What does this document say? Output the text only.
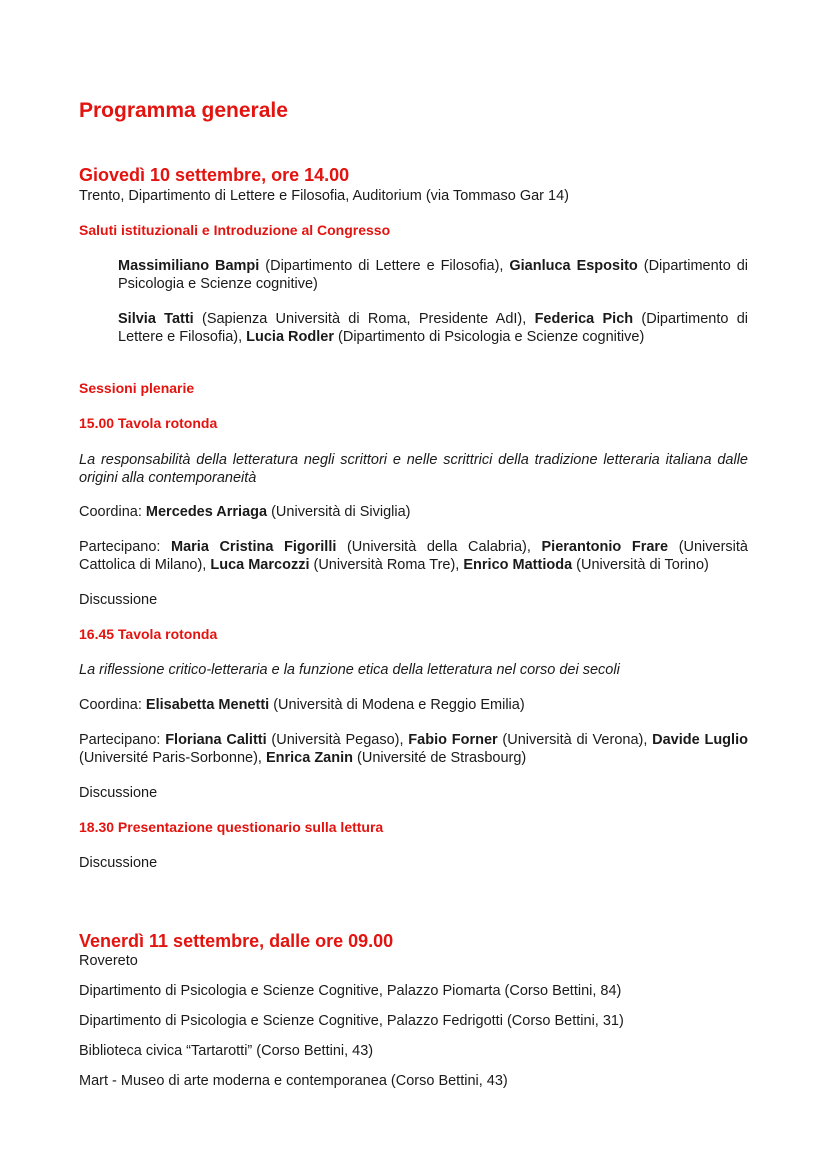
Programma generale
Giovedì 10 settembre, ore 14.00
Trento, Dipartimento di Lettere e Filosofia, Auditorium (via Tommaso Gar 14)
Saluti istituzionali e Introduzione al Congresso
Massimiliano Bampi (Dipartimento di Lettere e Filosofia), Gianluca Esposito (Dipartimento di Psicologia e Scienze cognitive)
Silvia Tatti (Sapienza Università di Roma, Presidente AdI), Federica Pich (Dipartimento di Lettere e Filosofia), Lucia Rodler (Dipartimento di Psicologia e Scienze cognitive)
Sessioni plenarie
15.00 Tavola rotonda
La responsabilità della letteratura negli scrittori e nelle scrittrici della tradizione letteraria italiana dalle origini alla contemporaneità
Coordina: Mercedes Arriaga (Università di Siviglia)
Partecipano: Maria Cristina Figorilli (Università della Calabria), Pierantonio Frare (Università Cattolica di Milano), Luca Marcozzi (Università Roma Tre), Enrico Mattioda (Università di Torino)
Discussione
16.45 Tavola rotonda
La riflessione critico-letteraria e la funzione etica della letteratura nel corso dei secoli
Coordina: Elisabetta Menetti (Università di Modena e Reggio Emilia)
Partecipano: Floriana Calitti (Università Pegaso), Fabio Forner (Università di Verona), Davide Luglio (Université Paris-Sorbonne), Enrica Zanin (Université de Strasbourg)
Discussione
18.30 Presentazione questionario sulla lettura
Discussione
Venerdì 11 settembre, dalle ore 09.00
Rovereto
Dipartimento di Psicologia e Scienze Cognitive, Palazzo Piomarta (Corso Bettini, 84)
Dipartimento di Psicologia e Scienze Cognitive, Palazzo Fedrigotti (Corso Bettini, 31)
Biblioteca civica “Tartarotti” (Corso Bettini, 43)
Mart - Museo di arte moderna e contemporanea (Corso Bettini, 43)
